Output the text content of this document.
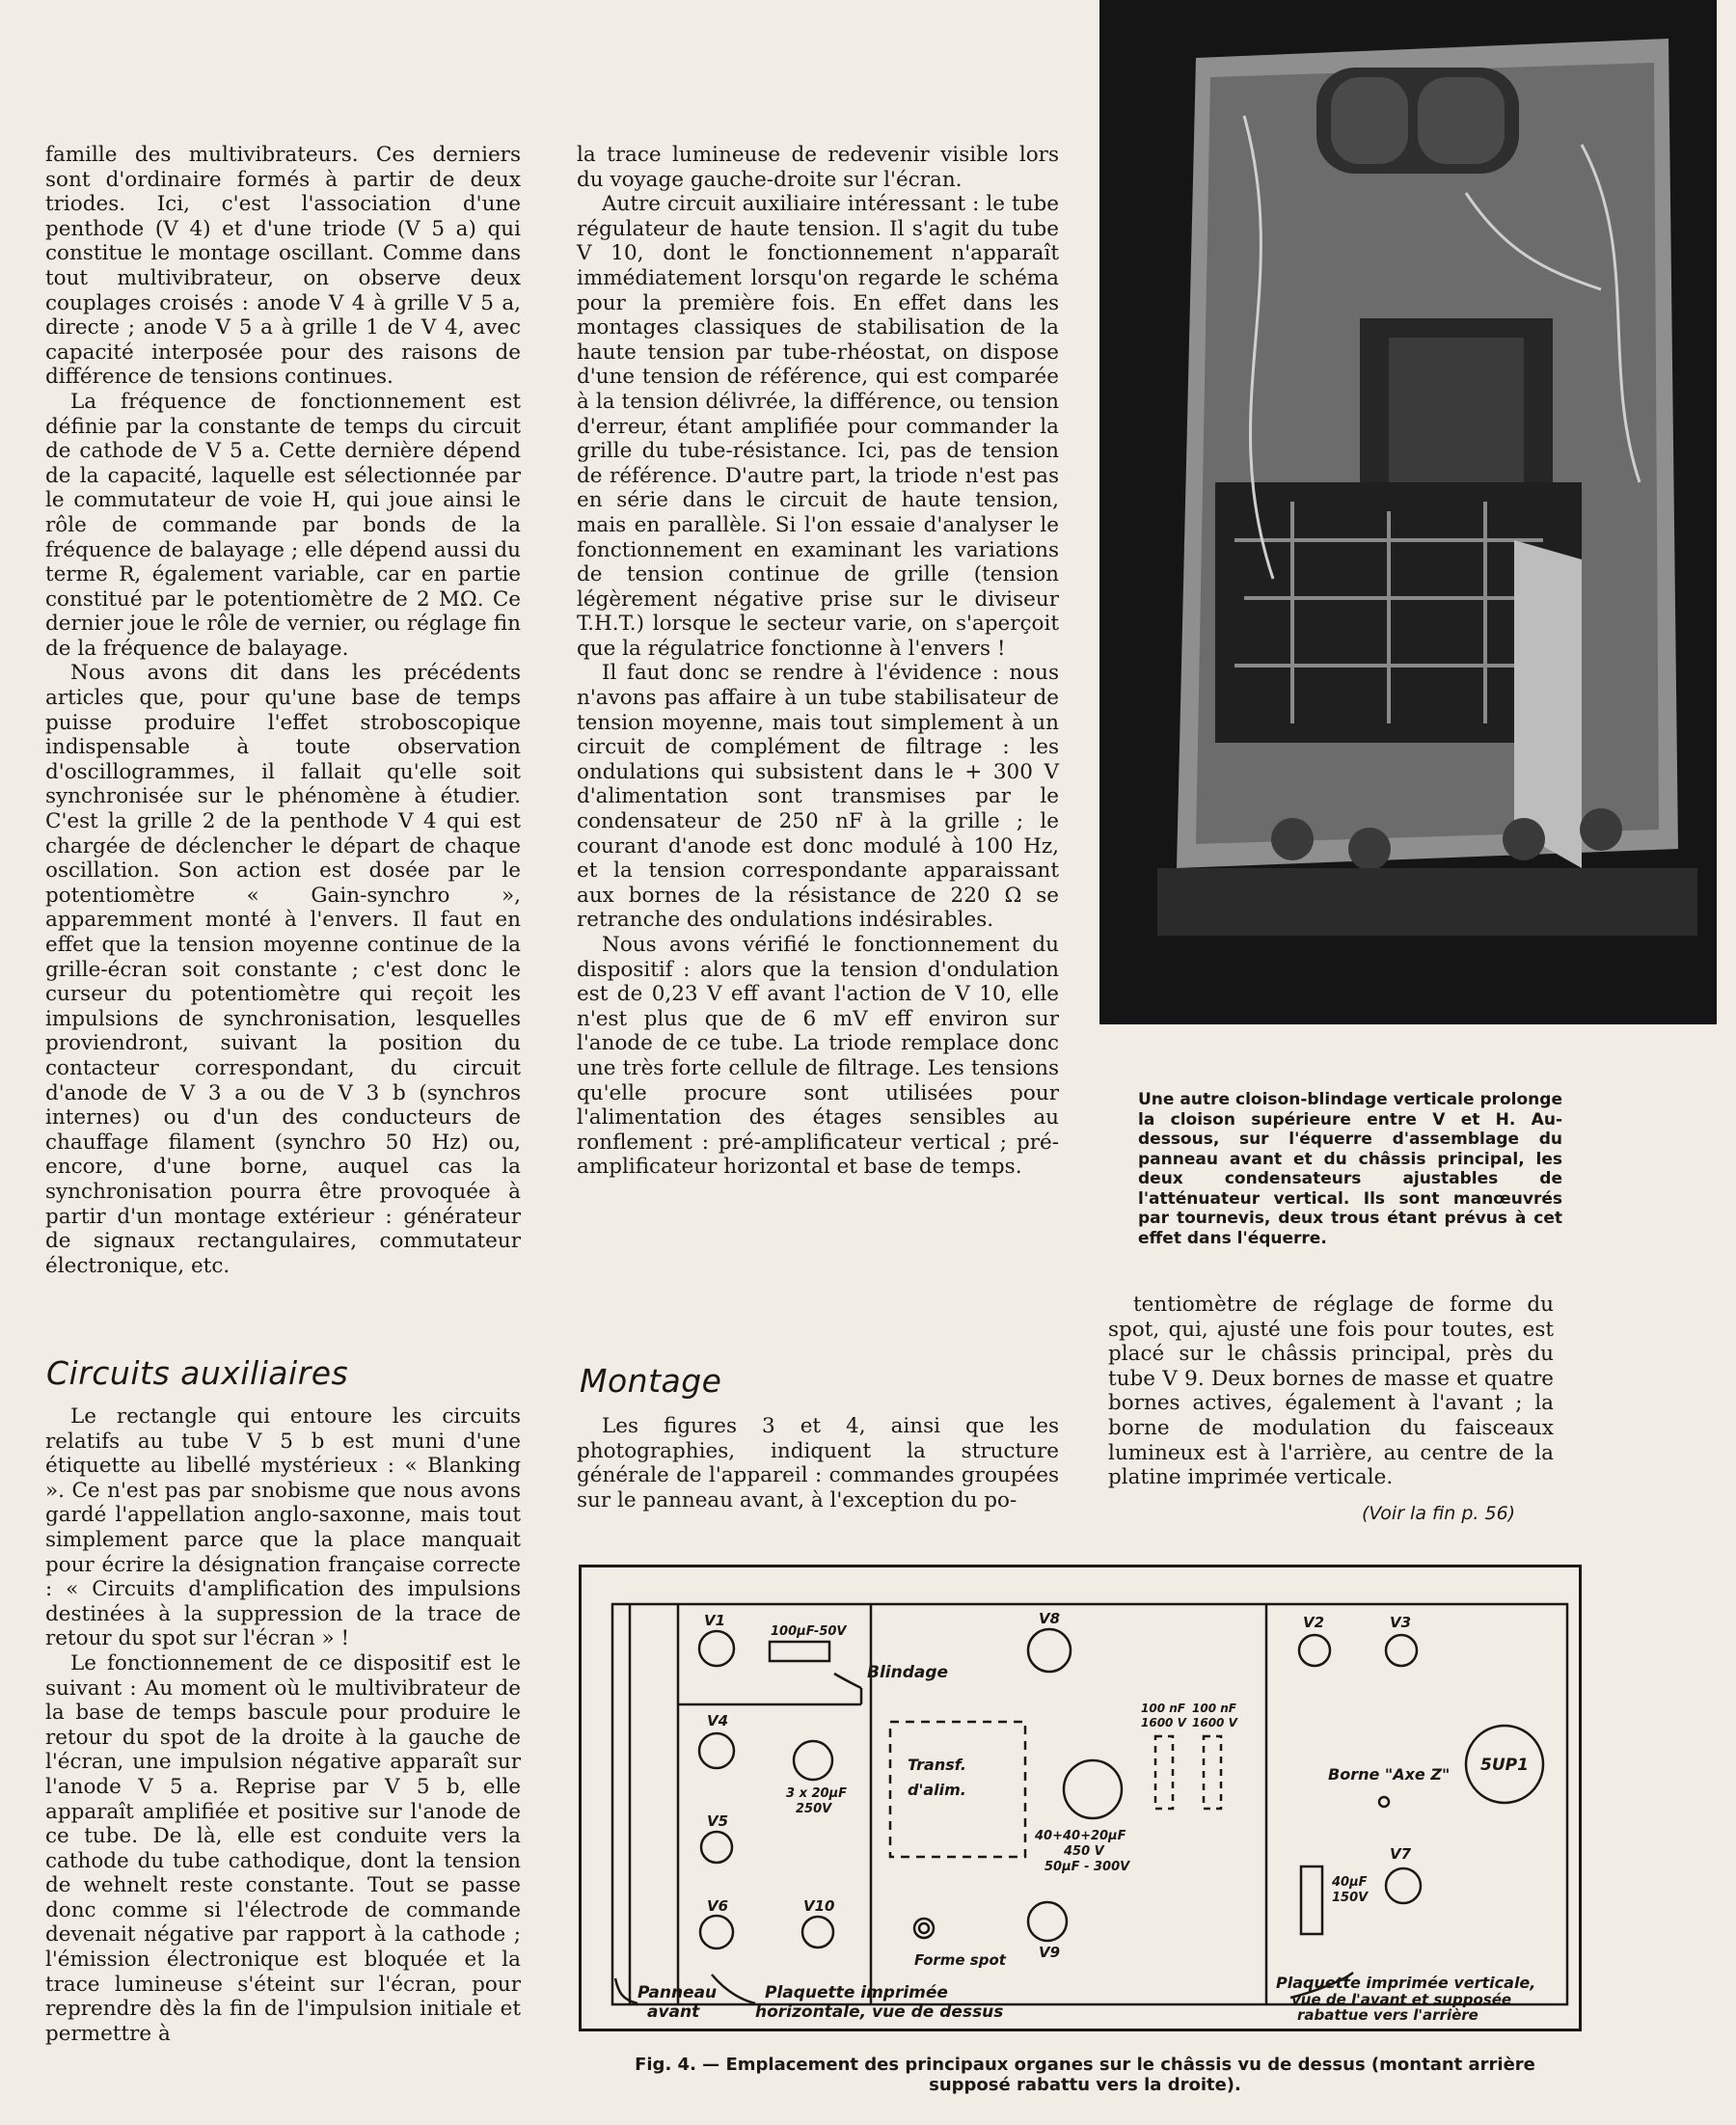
famille des multivibrateurs. Ces derniers sont d'ordinaire formés à partir de deux triodes. Ici, c'est l'association d'une penthode (V 4) et d'une triode (V 5 a) qui constitue le montage oscillant. Comme dans tout multivibrateur, on observe deux couplages croisés : anode V 4 à grille V 5 a, directe ; anode V 5 a à grille 1 de V 4, avec capacité interposée pour des raisons de différence de tensions continues.

La fréquence de fonctionnement est définie par la constante de temps du circuit de cathode de V 5 a. Cette dernière dépend de la capacité, laquelle est sélectionnée par le commutateur de voie H, qui joue ainsi le rôle de commande par bonds de la fréquence de balayage ; elle dépend aussi du terme R, également variable, car en partie constitué par le potentiomètre de 2 MΩ. Ce dernier joue le rôle de vernier, ou réglage fin de la fréquence de balayage.

Nous avons dit dans les précédents articles que, pour qu'une base de temps puisse produire l'effet stroboscopique indispensable à toute observation d'oscillogrammes, il fallait qu'elle soit synchronisée sur le phénomène à étudier. C'est la grille 2 de la penthode V 4 qui est chargée de déclencher le départ de chaque oscillation. Son action est dosée par le potentiomètre « Gain-synchro », apparemment monté à l'envers. Il faut en effet que la tension moyenne continue de la grille-écran soit constante ; c'est donc le curseur du potentiomètre qui reçoit les impulsions de synchronisation, lesquelles proviendront, suivant la position du contacteur correspondant, du circuit d'anode de V 3 a ou de V 3 b (synchros internes) ou d'un des conducteurs de chauffage filament (synchro 50 Hz) ou, encore, d'une borne, auquel cas la synchronisation pourra être provoquée à partir d'un montage extérieur : générateur de signaux rectangulaires, commutateur électronique, etc.

Circuits auxiliaires

Le rectangle qui entoure les circuits relatifs au tube V 5 b est muni d'une étiquette au libellé mystérieux : « Blanking ». Ce n'est pas par snobisme que nous avons gardé l'appellation anglo-saxonne, mais tout simplement parce que la place manquait pour écrire la désignation française correcte : « Circuits d'amplification des impulsions destinées à la suppression de la trace de retour du spot sur l'écran » !

Le fonctionnement de ce dispositif est le suivant : Au moment où le multivibrateur de la base de temps bascule pour produire le retour du spot de la droite à la gauche de l'écran, une impulsion négative apparaît sur l'anode V 5 a. Reprise par V 5 b, elle apparaît amplifiée et positive sur l'anode de ce tube. De là, elle est conduite vers la cathode du tube cathodique, dont la tension de wehnelt reste constante. Tout se passe donc comme si l'électrode de commande devenait négative par rapport à la cathode ; l'émission électronique est bloquée et la trace lumineuse s'éteint sur l'écran, pour reprendre dès la fin de l'impulsion initiale et permettre à

la trace lumineuse de redevenir visible lors du voyage gauche-droite sur l'écran.

Autre circuit auxiliaire intéressant : le tube régulateur de haute tension. Il s'agit du tube V 10, dont le fonctionnement n'apparaît immédiatement lorsqu'on regarde le schéma pour la première fois. En effet dans les montages classiques de stabilisation de la haute tension par tube-rhéostat, on dispose d'une tension de référence, qui est comparée à la tension délivrée, la différence, ou tension d'erreur, étant amplifiée pour commander la grille du tube-résistance. Ici, pas de tension de référence. D'autre part, la triode n'est pas en série dans le circuit de haute tension, mais en parallèle. Si l'on essaie d'analyser le fonctionnement en examinant les variations de tension continue de grille (tension légèrement négative prise sur le diviseur T.H.T.) lorsque le secteur varie, on s'aperçoit que la régulatrice fonctionne à l'envers !

Il faut donc se rendre à l'évidence : nous n'avons pas affaire à un tube stabilisateur de tension moyenne, mais tout simplement à un circuit de complément de filtrage : les ondulations qui subsistent dans le + 300 V d'alimentation sont transmises par le condensateur de 250 nF à la grille ; le courant d'anode est donc modulé à 100 Hz, et la tension correspondante apparaissant aux bornes de la résistance de 220 Ω se retranche des ondulations indésirables.

Nous avons vérifié le fonctionnement du dispositif : alors que la tension d'ondulation est de 0,23 V eff avant l'action de V 10, elle n'est plus que de 6 mV eff environ sur l'anode de ce tube. La triode remplace donc une très forte cellule de filtrage. Les tensions qu'elle procure sont utilisées pour l'alimentation des étages sensibles au ronflement : pré-amplificateur vertical ; pré-amplificateur horizontal et base de temps.

Montage

Les figures 3 et 4, ainsi que les photographies, indiquent la structure générale de l'appareil : commandes groupées sur le panneau avant, à l'exception du po-

Une autre cloison-blindage verticale prolonge la cloison supérieure entre V et H. Au-dessous, sur l'équerre d'assemblage du panneau avant et du châssis principal, les deux condensateurs ajustables de l'atténuateur vertical. Ils sont manœuvrés par tournevis, deux trous étant prévus à cet effet dans l'équerre.

tentiomètre de réglage de forme du spot, qui, ajusté une fois pour toutes, est placé sur le châssis principal, près du tube V 9. Deux bornes de masse et quatre bornes actives, également à l'avant ; la borne de modulation du faisceaux lumineux est à l'arrière, au centre de la platine imprimée verticale.

(Voir la fin p. 56)
V1
100µF-50V
Blindage
V4
3 x 20µF
250V
V5
V6	V10
Transf.
d'alim.
Forme spot
V8
40+40+20µF
450 V
50µF - 300V
V9
100 nF
1600 V
100 nF
1600 V
V2	V3
Borne "Axe Z" 5UP1
V7
40µF
150V
Panneau
avant
Plaquette imprimée
horizontale, vue de dessus
Plaquette imprimée verticale,
vue de l'avant et supposée
rabattue vers l'arrière
Fig. 4. — Emplacement des principaux organes sur le châssis vu de dessus (montant arrière supposé rabattu vers la droite).
